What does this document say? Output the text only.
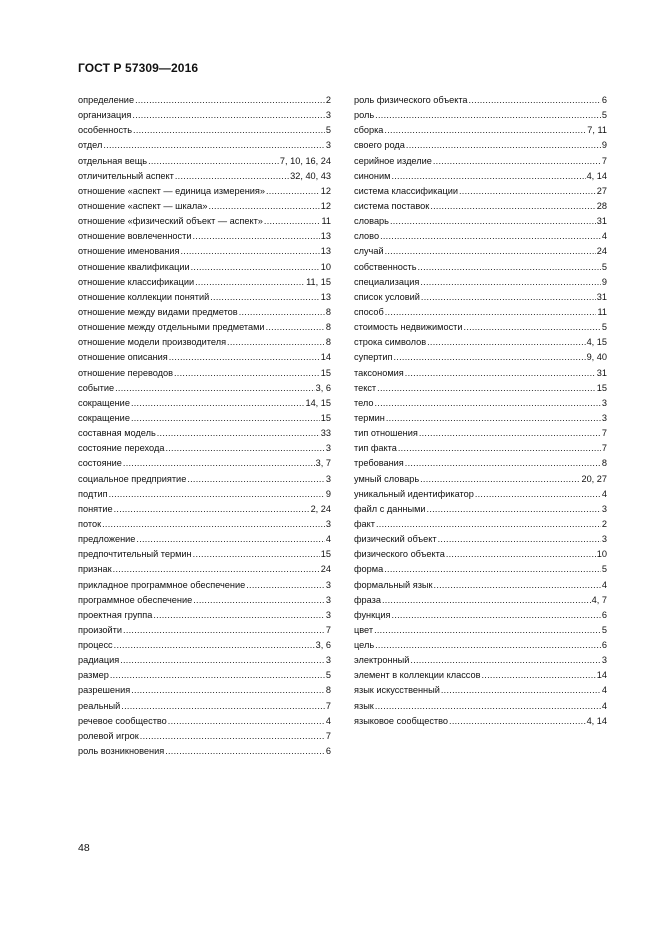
ГОСТ Р 57309—2016
определение .....	2
организация .....	3
особенность .....	5
отдел .....	3
отдельная вещь .....	7, 10, 16, 24
отличительный аспект .....	32, 40, 43
отношение «аспект — единица измерения» .....	12
отношение «аспект — шкала» .....	12
отношение «физический объект — аспект» .....	11
отношение вовлеченности .....	13
отношение именования .....	13
отношение квалификации .....	10
отношение классификации .....	11, 15
отношение коллекции понятий .....	13
отношение между видами предметов .....	8
отношение между отдельными предметами .....	8
отношение модели производителя .....	8
отношение описания .....	14
отношение переводов .....	15
событие .....	3, 6
сокращение .....	14, 15
сокращение .....	15
составная модель .....	33
состояние перехода .....	3
состояние .....	3, 7
социальное предприятие .....	3
подтип .....	9
понятие .....	2, 24
поток .....	3
предложение .....	4
предпочтительный термин .....	15
признак .....	24
прикладное программное обеспечение .....	3
программное обеспечение .....	3
проектная группа .....	3
произойти .....	7
процесс .....	3, 6
радиация .....	3
размер .....	5
разрешения .....	8
реальный .....	7
речевое сообщество .....	4
ролевой игрок .....	7
роль возникновения .....	6
роль физического объекта .....	6
роль .....	5
сборка .....	7, 11
своего рода .....	9
серийное изделие .....	7
синоним .....	4, 14
система классификации .....	27
система поставок .....	28
словарь .....	31
слово .....	4
случай .....	24
собственность .....	5
специализация .....	9
список условий .....	31
способ .....	11
стоимость недвижимости .....	5
строка символов .....	4, 15
супертип .....	9, 40
таксономия .....	31
текст .....	15
тело .....	3
термин .....	3
тип отношения .....	7
тип факта .....	7
требования .....	8
умный словарь .....	20, 27
уникальный идентификатор .....	4
файл с данными .....	3
факт .....	2
физический объект .....	3
физического объекта .....	10
форма .....	5
формальный язык .....	4
фраза .....	4, 7
функция .....	6
цвет .....	5
цель .....	6
электронный .....	3
элемент в коллекции классов .....	14
язык искусственный .....	4
язык .....	4
языковое сообщество .....	4, 14
48
